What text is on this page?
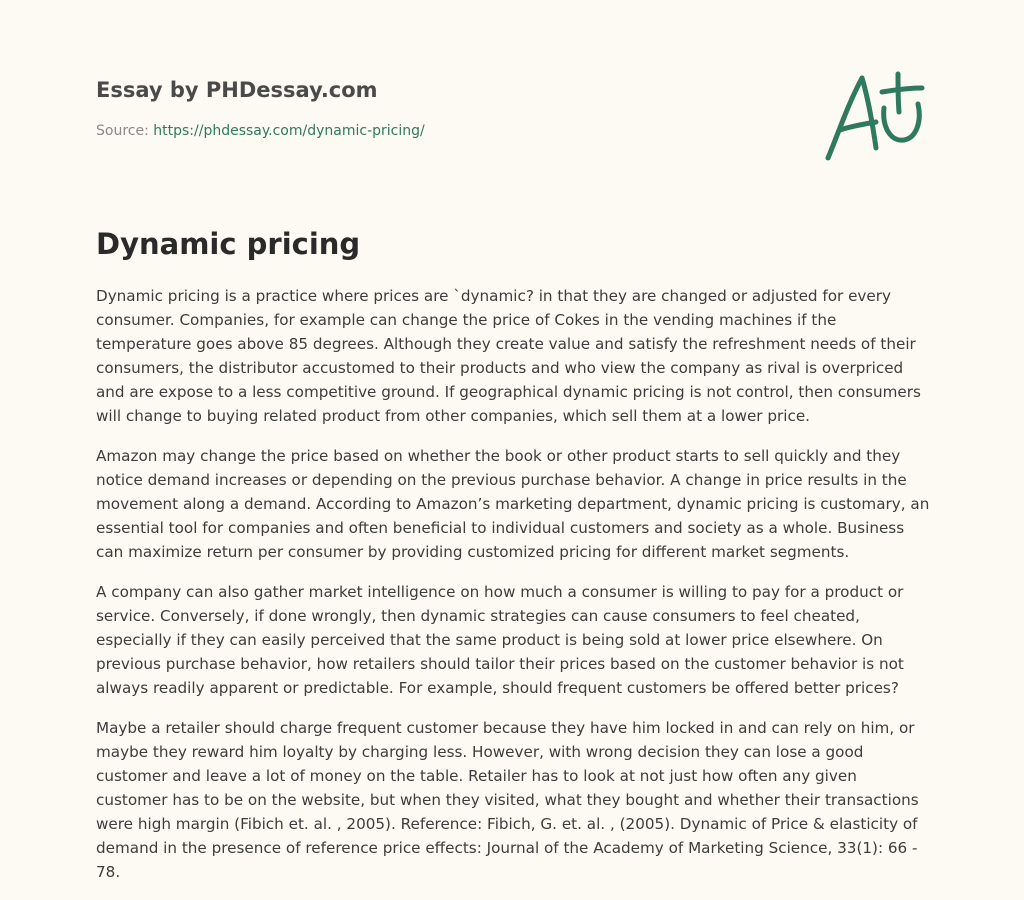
Essay by PHDessay.com
Source: https://phdessay.com/dynamic-pricing/
Dynamic pricing

Dynamic pricing is a practice where prices are `dynamic? in that they are changed or adjusted for every consumer. Companies, for example can change the price of Cokes in the vending machines if the temperature goes above 85 degrees. Although they create value and satisfy the refreshment needs of their consumers, the distributor accustomed to their products and who view the company as rival is overpriced and are expose to a less competitive ground. If geographical dynamic pricing is not control, then consumers will change to buying related product from other companies, which sell them at a lower price.

Amazon may change the price based on whether the book or other product starts to sell quickly and they notice demand increases or depending on the previous purchase behavior. A change in price results in the movement along a demand. According to Amazon’s marketing department, dynamic pricing is customary, an essential tool for companies and often beneficial to individual customers and society as a whole. Business can maximize return per consumer by providing customized pricing for different market segments.

A company can also gather market intelligence on how much a consumer is willing to pay for a product or service. Conversely, if done wrongly, then dynamic strategies can cause consumers to feel cheated, especially if they can easily perceived that the same product is being sold at lower price elsewhere. On previous purchase behavior, how retailers should tailor their prices based on the customer behavior is not always readily apparent or predictable. For example, should frequent customers be offered better prices?

Maybe a retailer should charge frequent customer because they have him locked in and can rely on him, or maybe they reward him loyalty by charging less. However, with wrong decision they can lose a good customer and leave a lot of money on the table. Retailer has to look at not just how often any given customer has to be on the website, but when they visited, what they bought and whether their transactions were high margin (Fibich et. al. , 2005). Reference: Fibich, G. et. al. , (2005). Dynamic of Price & elasticity of demand in the presence of reference price effects: Journal of the Academy of Marketing Science, 33(1): 66 - 78.
